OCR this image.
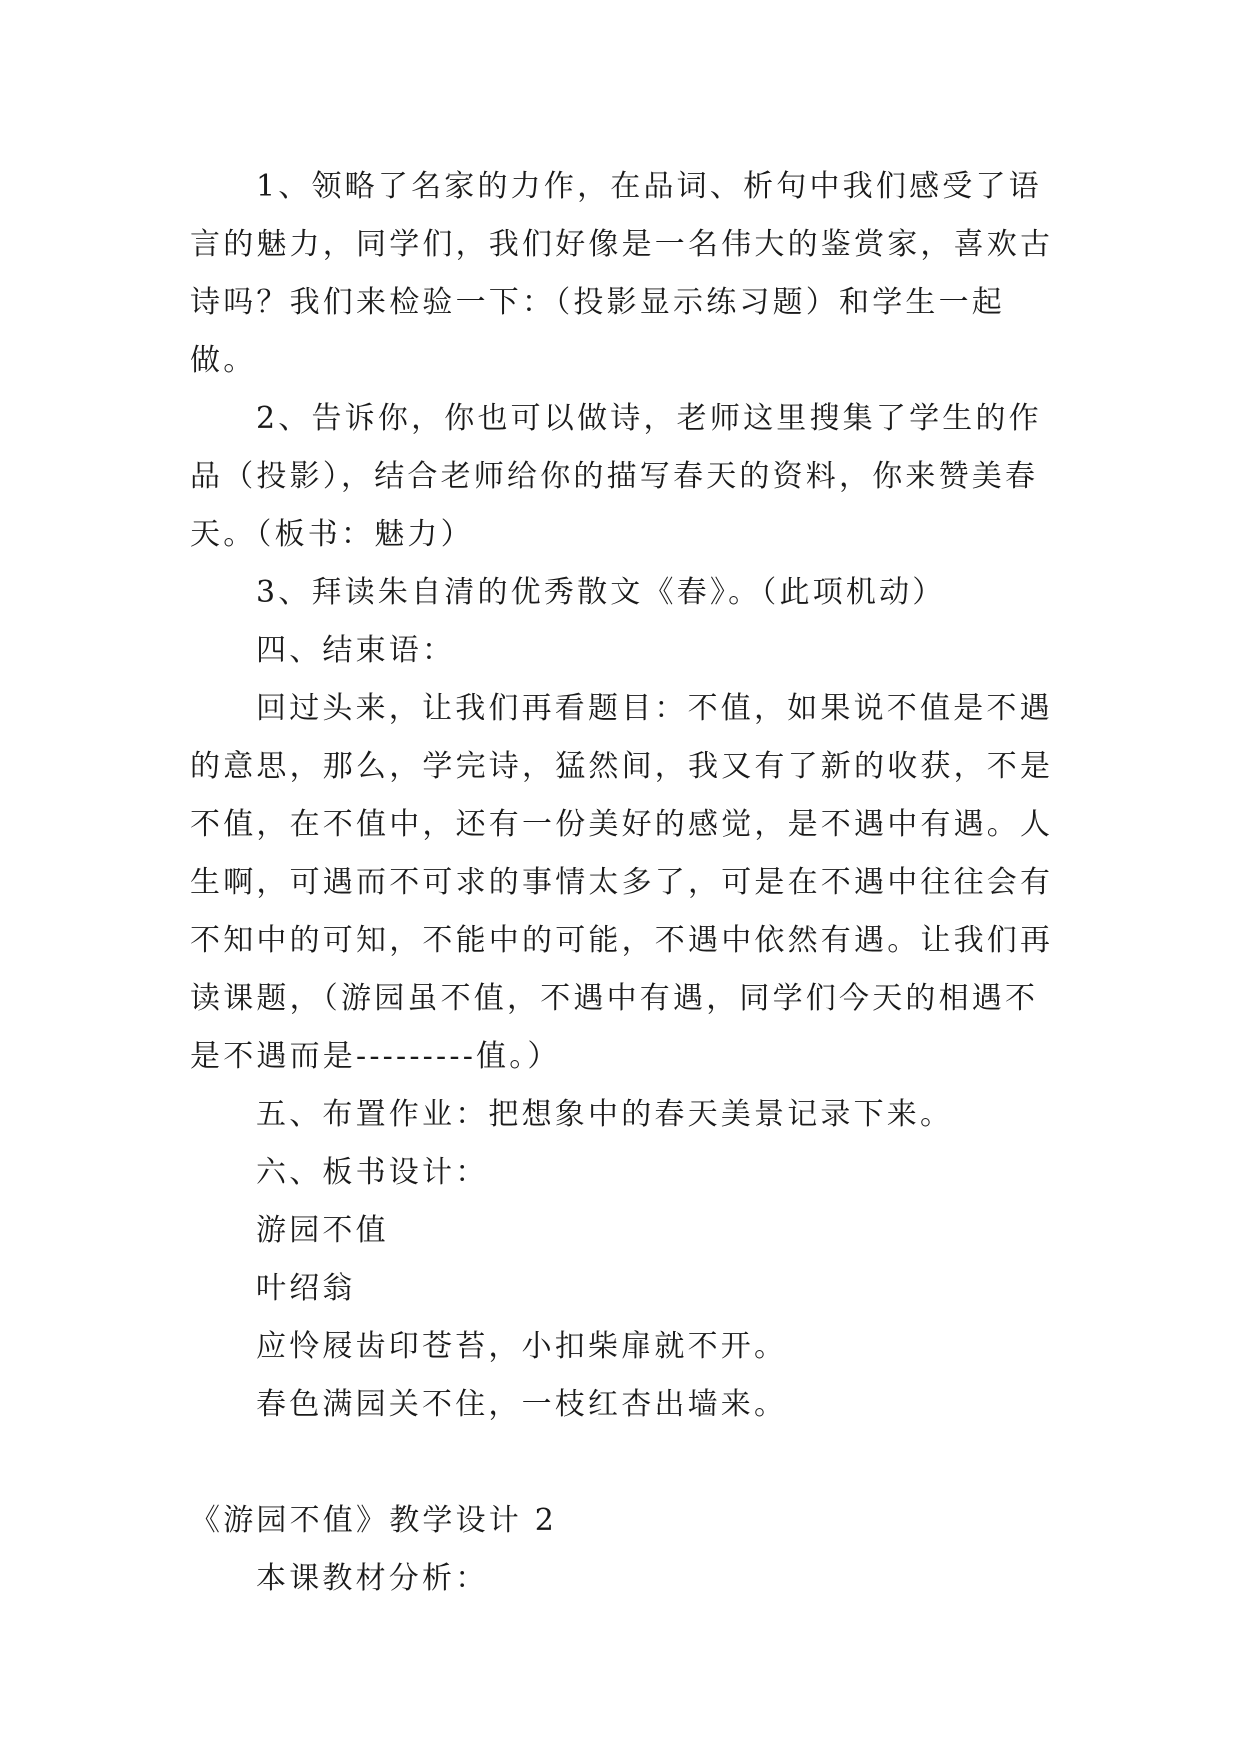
1、领略了名家的力作，在品词、析句中我们感受了语言的魅力，同学们，我们好像是一名伟大的鉴赏家，喜欢古诗吗？我们来检验一下：（投影显示练习题）和学生一起做。

2、告诉你，你也可以做诗，老师这里搜集了学生的作品（投影），结合老师给你的描写春天的资料，你来赞美春天。（板书：魅力）

3、拜读朱自清的优秀散文《春》。（此项机动）

四、结束语：

回过头来，让我们再看题目：不值，如果说不值是不遇的意思，那么，学完诗，猛然间，我又有了新的收获，不是不值，在不值中，还有一份美好的感觉，是不遇中有遇。人生啊，可遇而不可求的事情太多了，可是在不遇中往往会有不知中的可知，不能中的可能，不遇中依然有遇。让我们再读课题，（游园虽不值，不遇中有遇，同学们今天的相遇不是不遇而是---------值。）

五、布置作业：把想象中的春天美景记录下来。

六、板书设计：

游园不值

叶绍翁

应怜屐齿印苍苔，小扣柴扉就不开。

春色满园关不住，一枝红杏出墙来。

《游园不值》教学设计 2

本课教材分析：
